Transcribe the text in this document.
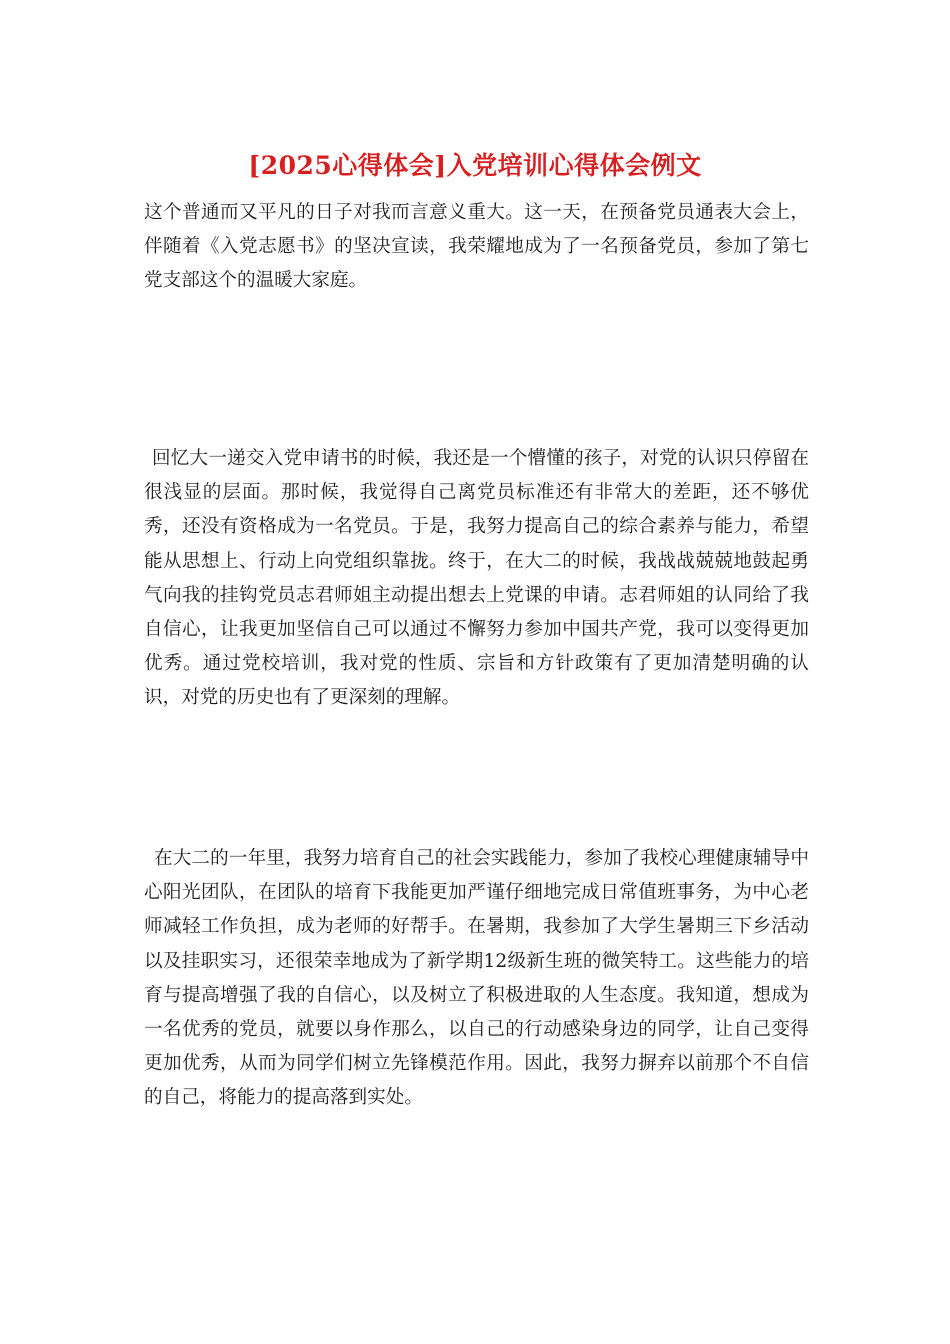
[2025心得体会]入党培训心得体会例文

这个普通而又平凡的日子对我而言意义重大。这一天，在预备党员通表大会上，伴随着《入党志愿书》的坚决宣读，我荣耀地成为了一名预备党员，参加了第七党支部这个的温暖大家庭。

回忆大一递交入党申请书的时候，我还是一个懵懂的孩子，对党的认识只停留在很浅显的层面。那时候，我觉得自己离党员标准还有非常大的差距，还不够优秀，还没有资格成为一名党员。于是，我努力提高自己的综合素养与能力，希望能从思想上、行动上向党组织靠拢。终于，在大二的时候，我战战兢兢地鼓起勇气向我的挂钩党员志君师姐主动提出想去上党课的申请。志君师姐的认同给了我自信心，让我更加坚信自己可以通过不懈努力参加中国共产党，我可以变得更加优秀。通过党校培训，我对党的性质、宗旨和方针政策有了更加清楚明确的认识，对党的历史也有了更深刻的理解。

在大二的一年里，我努力培育自己的社会实践能力，参加了我校心理健康辅导中心阳光团队，在团队的培育下我能更加严谨仔细地完成日常值班事务，为中心老师减轻工作负担，成为老师的好帮手。在暑期，我参加了大学生暑期三下乡活动以及挂职实习，还很荣幸地成为了新学期12级新生班的微笑特工。这些能力的培育与提高增强了我的自信心，以及树立了积极进取的人生态度。我知道，想成为一名优秀的党员，就要以身作那么，以自己的行动感染身边的同学，让自己变得更加优秀，从而为同学们树立先锋模范作用。因此，我努力摒弃以前那个不自信的自己，将能力的提高落到实处。
